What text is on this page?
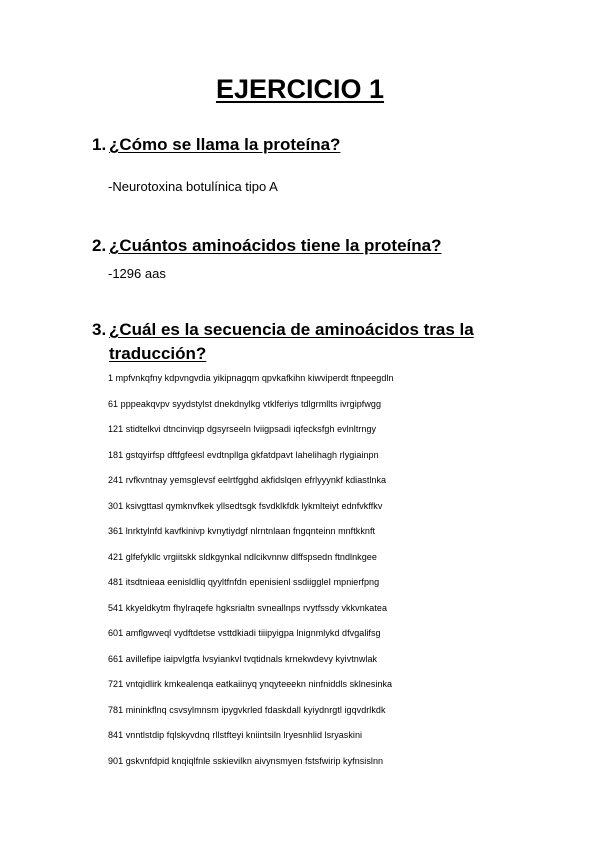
EJERCICIO 1
1. ¿Cómo se llama la proteína?
-Neurotoxina botulínica tipo A
2. ¿Cuántos aminoácidos tiene la proteína?
-1296 aas
3. ¿Cuál es la secuencia de aminoácidos tras la traducción?
1 mpfvnkqfny kdpvngvdia yikipnagqm qpvkafkihn kiwviperdt ftnpeegdln
61 pppeakqvpv syydstylst dnekdnylkg vtklferiys tdlgrmllts ivrgipfwgg
121 stidtelkvi dtncinviqp dgsyrseeln lviigpsadi iqfecksfgh evlnltrngy
181 gstqyirfsp dftfgfeesl evdtnpllga gkfatdpavt lahelihagh rlygiainpn
241 rvfkvntnay yemsglevsf eelrtfgghd akfidslqen efrlyyynkf kdiastlnka
301 ksivgttasl qymknvfkek yllsedtsgk fsvdklkfdk lykmlteiyt ednfvkffkv
361 lnrktylnfd kavfkinivp kvnytiydgf nlrntnlaan fngqnteinn mnftkknft
421 glfefykllc vrgiitskk sldkgynkal ndlcikvnnw dlffspsedn ftndlnkgee
481 itsdtnieaa eenisldliq qyyltfnfdn epenisienl ssdiiggleI mpnierfpng
541 kkyeldkytm fhylraqefe hgksrialtn svneallnps rvytfssdy vkkvnkatea
601 amflgwveql vydftdetse vsttdkiadi tiiipyigpa lnignmlykd dfvgalifsg
661 avillefipe iaipvlgtfa lvsyiankvl tvqtidnals krnekwdevy kyivtnwlak
721 vntqidlirk kmkealenqa eatkaiinyq ynqyteeekn ninfniddls sklnesinka
781 mininkflnq csvsylmnsm ipygvkrled fdaskdall kyiydnrgtl igqvdrlkdk
841 vnntlstdip fqlskyvdnq rllstfteyi kniintsiln lryesnhlid lsryaskini
901 gskvnfdpid knqiqlfnle sskievilkn aivynsmyen fstsfwirip kyfnsislnn
